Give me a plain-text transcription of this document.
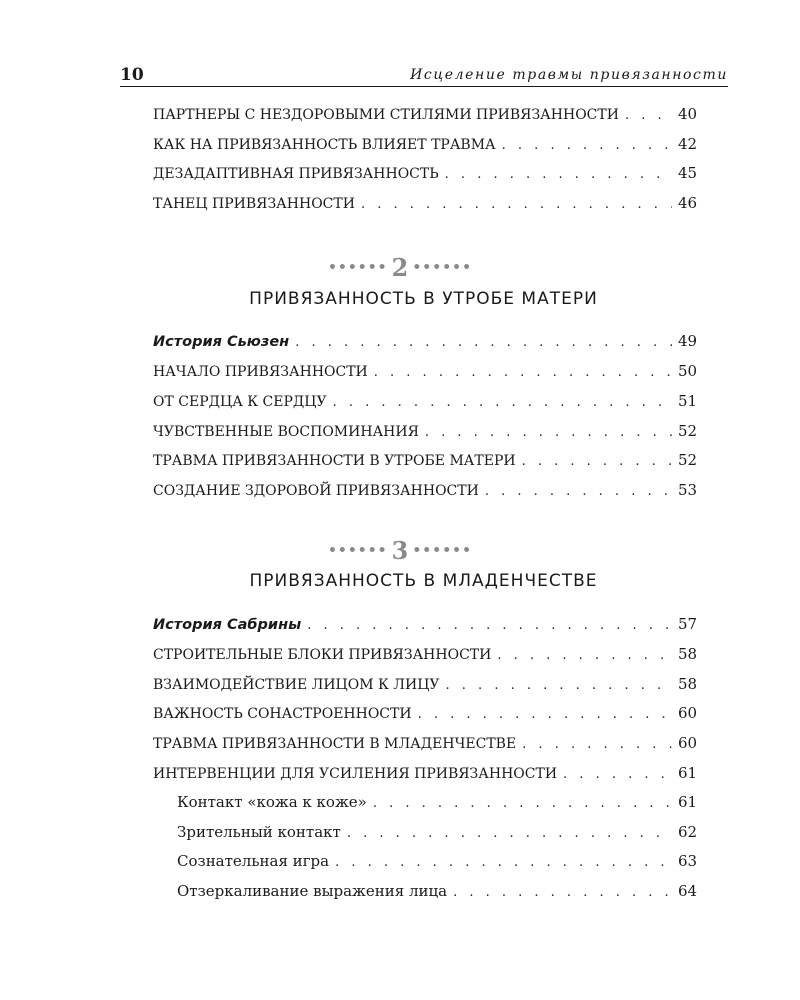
10	Исцеление травмы привязанности
ПАРТНЕРЫ С НЕЗДОРОВЫМИ СТИЛЯМИ ПРИВЯЗАННОСТИ . . .	40
КАК НА ПРИВЯЗАННОСТЬ ВЛИЯЕТ ТРАВМА . . .	42
ДЕЗАДАПТИВНАЯ ПРИВЯЗАННОСТЬ . . .	45
ТАНЕЦ ПРИВЯЗАННОСТИ . . .	46
•••••• 2 ••••••
ПРИВЯЗАННОСТЬ В УТРОБЕ МАТЕРИ
История Сьюзен . . .	49
НАЧАЛО ПРИВЯЗАННОСТИ . . .	50
ОТ СЕРДЦА К СЕРДЦУ . . .	51
ЧУВСТВЕННЫЕ ВОСПОМИНАНИЯ . . .	52
ТРАВМА ПРИВЯЗАННОСТИ В УТРОБЕ МАТЕРИ . . .	52
СОЗДАНИЕ ЗДОРОВОЙ ПРИВЯЗАННОСТИ . . .	53
•••••• 3 ••••••
ПРИВЯЗАННОСТЬ В МЛАДЕНЧЕСТВЕ
История Сабрины . . .	57
СТРОИТЕЛЬНЫЕ БЛОКИ ПРИВЯЗАННОСТИ . . .	58
ВЗАИМОДЕЙСТВИЕ ЛИЦОМ К ЛИЦУ . . .	58
ВАЖНОСТЬ СОНАСТРОЕННОСТИ . . .	60
ТРАВМА ПРИВЯЗАННОСТИ В МЛАДЕНЧЕСТВЕ . . .	60
ИНТЕРВЕНЦИИ ДЛЯ УСИЛЕНИЯ ПРИВЯЗАННОСТИ . . .	61
Контакт «кожа к коже» . . .	61
Зрительный контакт . . .	62
Сознательная игра . . .	63
Отзеркаливание выражения лица . . .	64
